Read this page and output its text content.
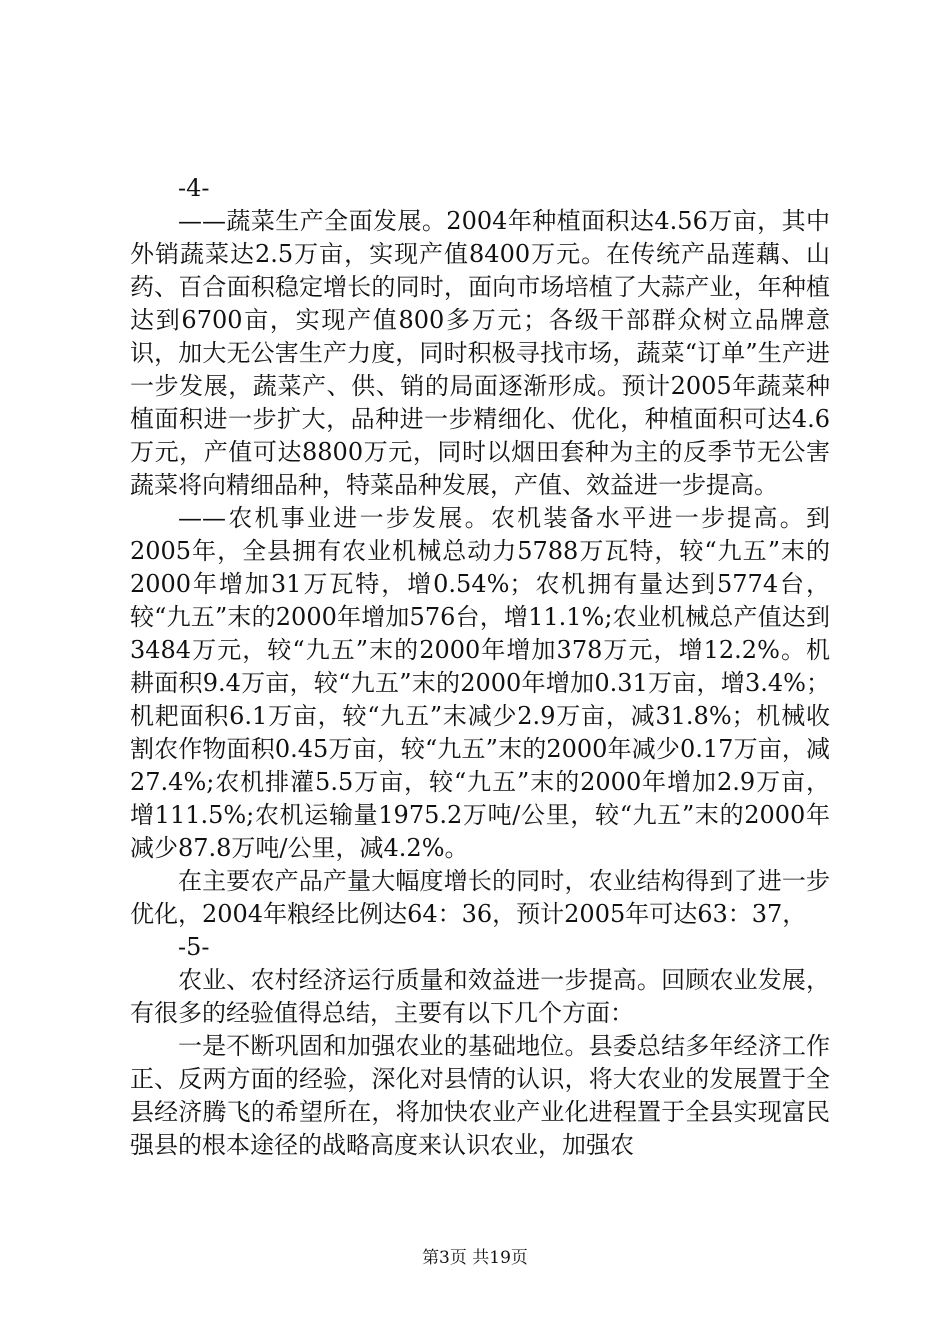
-4-

——蔬菜生产全面发展。2004年种植面积达4.56万亩，其中外销蔬菜达2.5万亩，实现产值8400万元。在传统产品莲藕、山药、百合面积稳定增长的同时，面向市场培植了大蒜产业，年种植达到6700亩，实现产值800多万元；各级干部群众树立品牌意识，加大无公害生产力度，同时积极寻找市场，蔬菜“订单”生产进一步发展，蔬菜产、供、销的局面逐渐形成。预计2005年蔬菜种植面积进一步扩大，品种进一步精细化、优化，种植面积可达4.6万元，产值可达8800万元，同时以烟田套种为主的反季节无公害蔬菜将向精细品种，特菜品种发展，产值、效益进一步提高。

——农机事业进一步发展。农机装备水平进一步提高。到2005年，全县拥有农业机械总动力5788万瓦特，较“九五”末的2000年增加31万瓦特，增0.54%；农机拥有量达到5774台，较“九五”末的2000年增加576台，增11.1%;农业机械总产值达到3484万元，较“九五”末的2000年增加378万元，增12.2%。机耕面积9.4万亩，较“九五”末的2000年增加0.31万亩，增3.4%；机耙面积6.1万亩，较“九五”末减少2.9万亩，减31.8%；机械收割农作物面积0.45万亩，较“九五”末的2000年减少0.17万亩，减27.4%;农机排灌5.5万亩，较“九五”末的2000年增加2.9万亩，增111.5%;农机运输量1975.2万吨/公里，较“九五”末的2000年减少87.8万吨/公里，减4.2%。

在主要农产品产量大幅度增长的同时，农业结构得到了进一步优化，2004年粮经比例达64：36，预计2005年可达63：37，

-5-

农业、农村经济运行质量和效益进一步提高。回顾农业发展，有很多的经验值得总结，主要有以下几个方面：

一是不断巩固和加强农业的基础地位。县委总结多年经济工作正、反两方面的经验，深化对县情的认识，将大农业的发展置于全县经济腾飞的希望所在，将加快农业产业化进程置于全县实现富民强县的根本途径的战略高度来认识农业，加强农

第3页 共19页
